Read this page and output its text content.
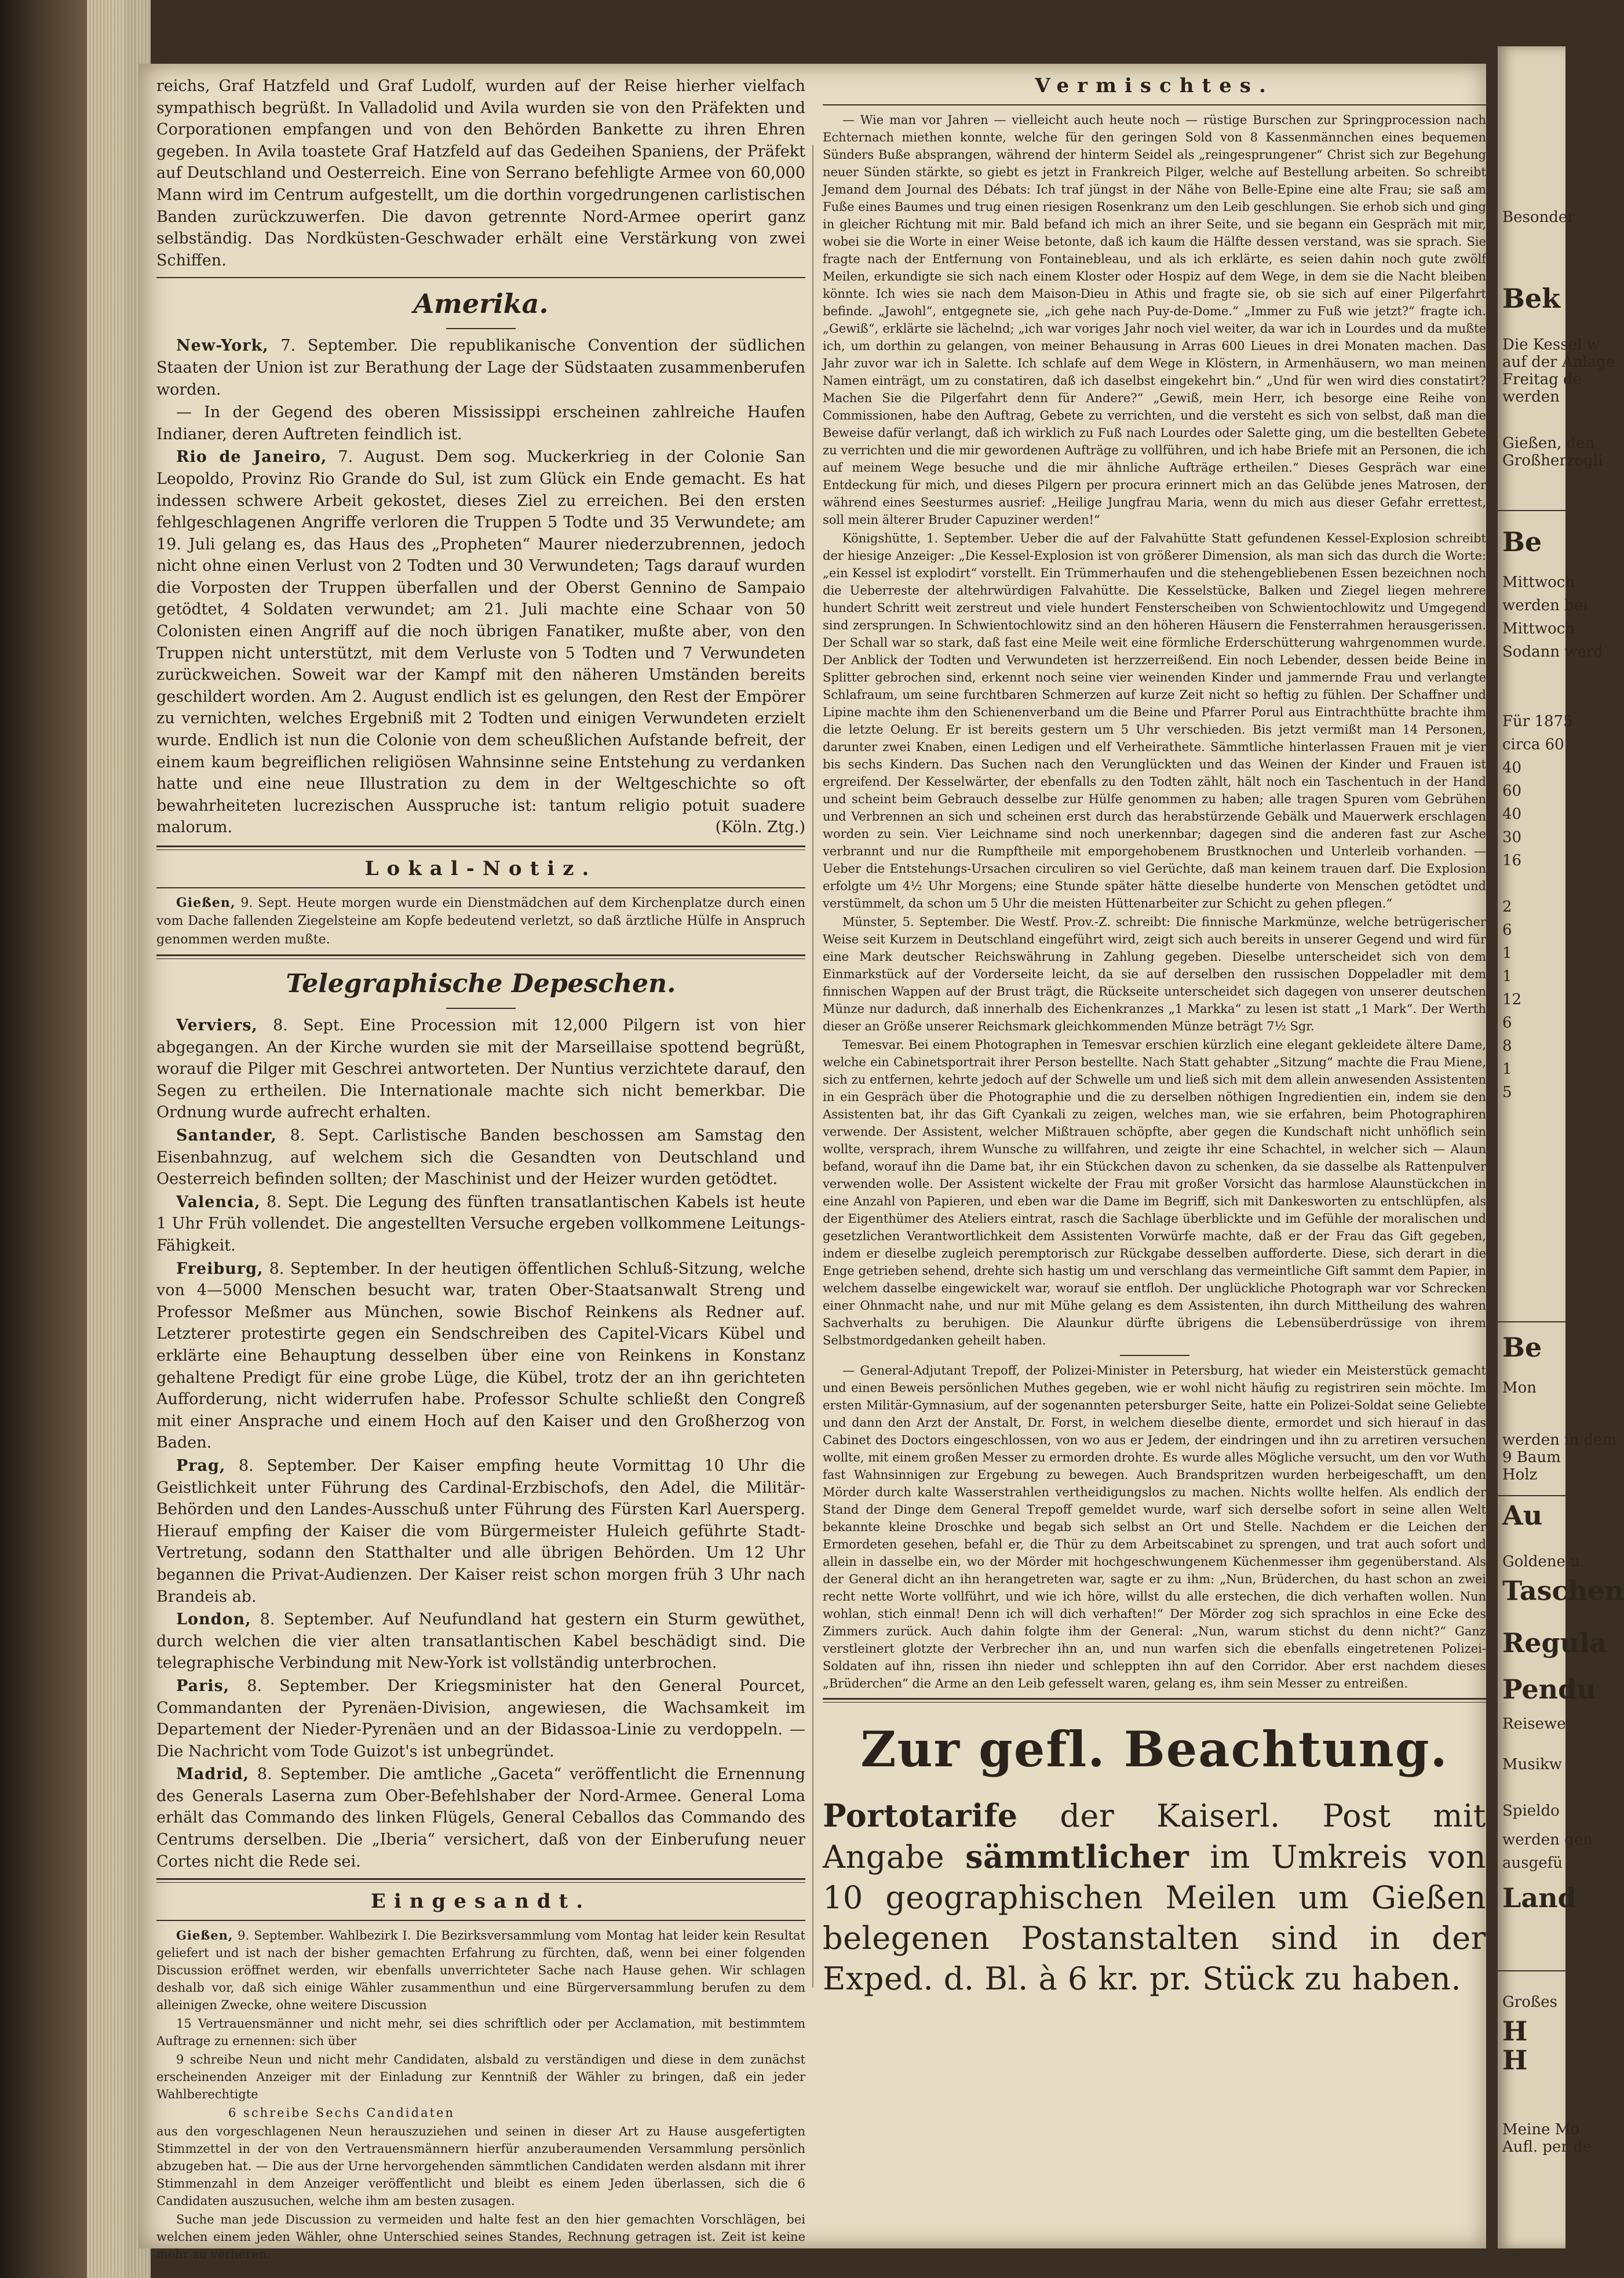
reichs, Graf Hatzfeld und Graf Ludolf, wurden auf der Reise hierher vielfach sympathisch begrüßt. In Valladolid und Avila wurden sie von den Präfekten und Corporationen empfangen und von den Behörden Bankette zu ihren Ehren gegeben. In Avila toastete Graf Hatzfeld auf das Gedeihen Spaniens, der Präfekt auf Deutschland und Oesterreich. Eine von Serrano befehligte Armee von 60,000 Mann wird im Centrum aufgestellt, um die dorthin vorgedrungenen carlistischen Banden zurückzuwerfen. Die davon getrennte Nord-Armee operirt ganz selbständig. Das Nordküsten-Geschwader erhält eine Verstärkung von zwei Schiffen.

Amerika.

New-York, 7. September. Die republikanische Convention der südlichen Staaten der Union ist zur Berathung der Lage der Südstaaten zusammenberufen worden.

— In der Gegend des oberen Mississippi erscheinen zahlreiche Haufen Indianer, deren Auftreten feindlich ist.

Rio de Janeiro, 7. August. Dem sog. Muckerkrieg in der Colonie San Leopoldo, Provinz Rio Grande do Sul, ist zum Glück ein Ende gemacht. Es hat indessen schwere Arbeit gekostet, dieses Ziel zu erreichen. Bei den ersten fehlgeschlagenen Angriffe verloren die Truppen 5 Todte und 35 Verwundete; am 19. Juli gelang es, das Haus des „Propheten“ Maurer niederzubrennen, jedoch nicht ohne einen Verlust von 2 Todten und 30 Verwundeten; Tags darauf wurden die Vorposten der Truppen überfallen und der Oberst Gennino de Sampaio getödtet, 4 Soldaten verwundet; am 21. Juli machte eine Schaar von 50 Colonisten einen Angriff auf die noch übrigen Fanatiker, mußte aber, von den Truppen nicht unterstützt, mit dem Verluste von 5 Todten und 7 Verwundeten zurückweichen. Soweit war der Kampf mit den näheren Umständen bereits geschildert worden. Am 2. August endlich ist es gelungen, den Rest der Empörer zu vernichten, welches Ergebniß mit 2 Todten und einigen Verwundeten erzielt wurde. Endlich ist nun die Colonie von dem scheußlichen Aufstande befreit, der einem kaum begreiflichen religiösen Wahnsinne seine Entstehung zu verdanken hatte und eine neue Illustration zu dem in der Weltgeschichte so oft bewahrheiteten lucrezischen Ausspruche ist: tantum religio potuit suadere malorum.	(Köln. Ztg.)

Lokal-Notiz.

Gießen, 9. Sept. Heute morgen wurde ein Dienstmädchen auf dem Kirchenplatze durch einen vom Dache fallenden Ziegelsteine am Kopfe bedeutend verletzt, so daß ärztliche Hülfe in Anspruch genommen werden mußte.

Telegraphische Depeschen.

Verviers, 8. Sept. Eine Procession mit 12,000 Pilgern ist von hier abgegangen. An der Kirche wurden sie mit der Marseillaise spottend begrüßt, worauf die Pilger mit Geschrei antworteten. Der Nuntius verzichtete darauf, den Segen zu ertheilen. Die Internationale machte sich nicht bemerkbar. Die Ordnung wurde aufrecht erhalten.

Santander, 8. Sept. Carlistische Banden beschossen am Samstag den Eisenbahnzug, auf welchem sich die Gesandten von Deutschland und Oesterreich befinden sollten; der Maschinist und der Heizer wurden getödtet.

Valencia, 8. Sept. Die Legung des fünften transatlantischen Kabels ist heute 1 Uhr Früh vollendet. Die angestellten Versuche ergeben vollkommene Leitungs-Fähigkeit.

Freiburg, 8. September. In der heutigen öffentlichen Schluß-Sitzung, welche von 4—5000 Menschen besucht war, traten Ober-Staatsanwalt Streng und Professor Meßmer aus München, sowie Bischof Reinkens als Redner auf. Letzterer protestirte gegen ein Sendschreiben des Capitel-Vicars Kübel und erklärte eine Behauptung desselben über eine von Reinkens in Konstanz gehaltene Predigt für eine grobe Lüge, die Kübel, trotz der an ihn gerichteten Aufforderung, nicht widerrufen habe. Professor Schulte schließt den Congreß mit einer Ansprache und einem Hoch auf den Kaiser und den Großherzog von Baden.

Prag, 8. September. Der Kaiser empfing heute Vormittag 10 Uhr die Geistlichkeit unter Führung des Cardinal-Erzbischofs, den Adel, die Militär-Behörden und den Landes-Ausschuß unter Führung des Fürsten Karl Auersperg. Hierauf empfing der Kaiser die vom Bürgermeister Huleich geführte Stadt-Vertretung, sodann den Statthalter und alle übrigen Behörden. Um 12 Uhr begannen die Privat-Audienzen. Der Kaiser reist schon morgen früh 3 Uhr nach Brandeis ab.

London, 8. September. Auf Neufundland hat gestern ein Sturm gewüthet, durch welchen die vier alten transatlantischen Kabel beschädigt sind. Die telegraphische Verbindung mit New-York ist vollständig unterbrochen.

Paris, 8. September. Der Kriegsminister hat den General Pourcet, Commandanten der Pyrenäen-Division, angewiesen, die Wachsamkeit im Departement der Nieder-Pyrenäen und an der Bidassoa-Linie zu verdoppeln. — Die Nachricht vom Tode Guizot's ist unbegründet.

Madrid, 8. September. Die amtliche „Gaceta“ veröffentlicht die Ernennung des Generals Laserna zum Ober-Befehlshaber der Nord-Armee. General Loma erhält das Commando des linken Flügels, General Ceballos das Commando des Centrums derselben. Die „Iberia“ versichert, daß von der Einberufung neuer Cortes nicht die Rede sei.

Eingesandt.

Gießen, 9. September. Wahlbezirk I. Die Bezirksversammlung vom Montag hat leider kein Resultat geliefert und ist nach der bisher gemachten Erfahrung zu fürchten, daß, wenn bei einer folgenden Discussion eröffnet werden, wir ebenfalls unverrichteter Sache nach Hause gehen. Wir schlagen deshalb vor, daß sich einige Wähler zusammenthun und eine Bürgerversammlung berufen zu dem alleinigen Zwecke, ohne weitere Discussion

15 Vertrauensmänner und nicht mehr, sei dies schriftlich oder per Acclamation, mit bestimmtem Auftrage zu ernennen: sich über

9 schreibe Neun und nicht mehr Candidaten, alsbald zu verständigen und diese in dem zunächst erscheinenden Anzeiger mit der Einladung zur Kenntniß der Wähler zu bringen, daß ein jeder Wahlberechtigte

6 schreibe Sechs Candidaten

aus den vorgeschlagenen Neun herauszuziehen und seinen in dieser Art zu Hause ausgefertigten Stimmzettel in der von den Vertrauensmännern hierfür anzuberaumenden Versammlung persönlich abzugeben hat. — Die aus der Urne hervorgehenden sämmtlichen Candidaten werden alsdann mit ihrer Stimmenzahl in dem Anzeiger veröffentlicht und bleibt es einem Jeden überlassen, sich die 6 Candidaten auszusuchen, welche ihm am besten zusagen.

Suche man jede Discussion zu vermeiden und halte fest an den hier gemachten Vorschlägen, bei welchen einem jeden Wähler, ohne Unterschied seines Standes, Rechnung getragen ist. Zeit ist keine mehr zu verlieren.

Vermischtes.

— Wie man vor Jahren — vielleicht auch heute noch — rüstige Burschen zur Springprocession nach Echternach miethen konnte, welche für den geringen Sold von 8 Kassenmännchen eines bequemen Sünders Buße absprangen, während der hinterm Seidel als „reingesprungener“ Christ sich zur Begehung neuer Sünden stärkte, so giebt es jetzt in Frankreich Pilger, welche auf Bestellung arbeiten. So schreibt Jemand dem Journal des Débats: Ich traf jüngst in der Nähe von Belle-Epine eine alte Frau; sie saß am Fuße eines Baumes und trug einen riesigen Rosenkranz um den Leib geschlungen. Sie erhob sich und ging in gleicher Richtung mit mir. Bald befand ich mich an ihrer Seite, und sie begann ein Gespräch mit mir, wobei sie die Worte in einer Weise betonte, daß ich kaum die Hälfte dessen verstand, was sie sprach. Sie fragte nach der Entfernung von Fontainebleau, und als ich erklärte, es seien dahin noch gute zwölf Meilen, erkundigte sie sich nach einem Kloster oder Hospiz auf dem Wege, in dem sie die Nacht bleiben könnte. Ich wies sie nach dem Maison-Dieu in Athis und fragte sie, ob sie sich auf einer Pilgerfahrt befinde. „Jawohl“, entgegnete sie, „ich gehe nach Puy-de-Dome.“ „Immer zu Fuß wie jetzt?“ fragte ich. „Gewiß“, erklärte sie lächelnd; „ich war voriges Jahr noch viel weiter, da war ich in Lourdes und da mußte ich, um dorthin zu gelangen, von meiner Behausung in Arras 600 Lieues in drei Monaten machen. Das Jahr zuvor war ich in Salette. Ich schlafe auf dem Wege in Klöstern, in Armenhäusern, wo man meinen Namen einträgt, um zu constatiren, daß ich daselbst eingekehrt bin.“ „Und für wen wird dies constatirt? Machen Sie die Pilgerfahrt denn für Andere?“ „Gewiß, mein Herr, ich besorge eine Reihe von Commissionen, habe den Auftrag, Gebete zu verrichten, und die versteht es sich von selbst, daß man die Beweise dafür verlangt, daß ich wirklich zu Fuß nach Lourdes oder Salette ging, um die bestellten Gebete zu verrichten und die mir gewordenen Aufträge zu vollführen, und ich habe Briefe mit an Personen, die ich auf meinem Wege besuche und die mir ähnliche Aufträge ertheilen.“ Dieses Gespräch war eine Entdeckung für mich, und dieses Pilgern per procura erinnert mich an das Gelübde jenes Matrosen, der während eines Seesturmes ausrief: „Heilige Jungfrau Maria, wenn du mich aus dieser Gefahr errettest, soll mein älterer Bruder Capuziner werden!“

Königshütte, 1. September. Ueber die auf der Falvahütte Statt gefundenen Kessel-Explosion schreibt der hiesige Anzeiger: „Die Kessel-Explosion ist von größerer Dimension, als man sich das durch die Worte: „ein Kessel ist explodirt“ vorstellt. Ein Trümmerhaufen und die stehengebliebenen Essen bezeichnen noch die Ueberreste der altehrwürdigen Falvahütte. Die Kesselstücke, Balken und Ziegel liegen mehrere hundert Schritt weit zerstreut und viele hundert Fensterscheiben von Schwientochlowitz und Umgegend sind zersprungen. In Schwientochlowitz sind an den höheren Häusern die Fensterrahmen herausgerissen. Der Schall war so stark, daß fast eine Meile weit eine förmliche Erderschütterung wahrgenommen wurde. Der Anblick der Todten und Verwundeten ist herzzerreißend. Ein noch Lebender, dessen beide Beine in Splitter gebrochen sind, erkennt noch seine vier weinenden Kinder und jammernde Frau und verlangte Schlafraum, um seine furchtbaren Schmerzen auf kurze Zeit nicht so heftig zu fühlen. Der Schaffner und Lipine machte ihm den Schienenverband um die Beine und Pfarrer Porul aus Eintrachthütte brachte ihm die letzte Oelung. Er ist bereits gestern um 5 Uhr verschieden. Bis jetzt vermißt man 14 Personen, darunter zwei Knaben, einen Ledigen und elf Verheirathete. Sämmtliche hinterlassen Frauen mit je vier bis sechs Kindern. Das Suchen nach den Verunglückten und das Weinen der Kinder und Frauen ist ergreifend. Der Kesselwärter, der ebenfalls zu den Todten zählt, hält noch ein Taschentuch in der Hand und scheint beim Gebrauch desselbe zur Hülfe genommen zu haben; alle tragen Spuren vom Gebrühen und Verbrennen an sich und scheinen erst durch das herabstürzende Gebälk und Mauerwerk erschlagen worden zu sein. Vier Leichname sind noch unerkennbar; dagegen sind die anderen fast zur Asche verbrannt und nur die Rumpftheile mit emporgehobenem Brustknochen und Unterleib vorhanden. — Ueber die Entstehungs-Ursachen circuliren so viel Gerüchte, daß man keinem trauen darf. Die Explosion erfolgte um 4½ Uhr Morgens; eine Stunde später hätte dieselbe hunderte von Menschen getödtet und verstümmelt, da schon um 5 Uhr die meisten Hüttenarbeiter zur Schicht zu gehen pflegen.“

Münster, 5. September. Die Westf. Prov.-Z. schreibt: Die finnische Markmünze, welche betrügerischer Weise seit Kurzem in Deutschland eingeführt wird, zeigt sich auch bereits in unserer Gegend und wird für eine Mark deutscher Reichswährung in Zahlung gegeben. Dieselbe unterscheidet sich von dem Einmarkstück auf der Vorderseite leicht, da sie auf derselben den russischen Doppeladler mit dem finnischen Wappen auf der Brust trägt, die Rückseite unterscheidet sich dagegen von unserer deutschen Münze nur dadurch, daß innerhalb des Eichenkranzes „1 Markka“ zu lesen ist statt „1 Mark“. Der Werth dieser an Größe unserer Reichsmark gleichkommenden Münze beträgt 7½ Sgr.

Temesvar. Bei einem Photographen in Temesvar erschien kürzlich eine elegant gekleidete ältere Dame, welche ein Cabinetsportrait ihrer Person bestellte. Nach Statt gehabter „Sitzung“ machte die Frau Miene, sich zu entfernen, kehrte jedoch auf der Schwelle um und ließ sich mit dem allein anwesenden Assistenten in ein Gespräch über die Photographie und die zu derselben nöthigen Ingredientien ein, indem sie den Assistenten bat, ihr das Gift Cyankali zu zeigen, welches man, wie sie erfahren, beim Photographiren verwende. Der Assistent, welcher Mißtrauen schöpfte, aber gegen die Kundschaft nicht unhöflich sein wollte, versprach, ihrem Wunsche zu willfahren, und zeigte ihr eine Schachtel, in welcher sich — Alaun befand, worauf ihn die Dame bat, ihr ein Stückchen davon zu schenken, da sie dasselbe als Rattenpulver verwenden wolle. Der Assistent wickelte der Frau mit großer Vorsicht das harmlose Alaunstückchen in eine Anzahl von Papieren, und eben war die Dame im Begriff, sich mit Dankesworten zu entschlüpfen, als der Eigenthümer des Ateliers eintrat, rasch die Sachlage überblickte und im Gefühle der moralischen und gesetzlichen Verantwortlichkeit dem Assistenten Vorwürfe machte, daß er der Frau das Gift gegeben, indem er dieselbe zugleich peremptorisch zur Rückgabe desselben aufforderte. Diese, sich derart in die Enge getrieben sehend, drehte sich hastig um und verschlang das vermeintliche Gift sammt dem Papier, in welchem dasselbe eingewickelt war, worauf sie entfloh. Der unglückliche Photograph war vor Schrecken einer Ohnmacht nahe, und nur mit Mühe gelang es dem Assistenten, ihn durch Mittheilung des wahren Sachverhalts zu beruhigen. Die Alaunkur dürfte übrigens die Lebensüberdrüssige von ihrem Selbstmordgedanken geheilt haben.

— General-Adjutant Trepoff, der Polizei-Minister in Petersburg, hat wieder ein Meisterstück gemacht und einen Beweis persönlichen Muthes gegeben, wie er wohl nicht häufig zu registriren sein möchte. Im ersten Militär-Gymnasium, auf der sogenannten petersburger Seite, hatte ein Polizei-Soldat seine Geliebte und dann den Arzt der Anstalt, Dr. Forst, in welchem dieselbe diente, ermordet und sich hierauf in das Cabinet des Doctors eingeschlossen, von wo aus er Jedem, der eindringen und ihn zu arretiren versuchen wollte, mit einem großen Messer zu ermorden drohte. Es wurde alles Mögliche versucht, um den vor Wuth fast Wahnsinnigen zur Ergebung zu bewegen. Auch Brandspritzen wurden herbeigeschafft, um den Mörder durch kalte Wasserstrahlen vertheidigungslos zu machen. Nichts wollte helfen. Als endlich der Stand der Dinge dem General Trepoff gemeldet wurde, warf sich derselbe sofort in seine allen Welt bekannte kleine Droschke und begab sich selbst an Ort und Stelle. Nachdem er die Leichen der Ermordeten gesehen, befahl er, die Thür zu dem Arbeitscabinet zu sprengen, und trat auch sofort und allein in dasselbe ein, wo der Mörder mit hochgeschwungenem Küchenmesser ihm gegenüberstand. Als der General dicht an ihn herangetreten war, sagte er zu ihm: „Nun, Brüderchen, du hast schon an zwei recht nette Worte vollführt, und wie ich höre, willst du alle erstechen, die dich verhaften wollen. Nun wohlan, stich einmal! Denn ich will dich verhaften!“ Der Mörder zog sich sprachlos in eine Ecke des Zimmers zurück. Auch dahin folgte ihm der General: „Nun, warum stichst du denn nicht?“ Ganz verstleinert glotzte der Verbrecher ihn an, und nun warfen sich die ebenfalls eingetretenen Polizei-Soldaten auf ihn, rissen ihn nieder und schleppten ihn auf den Corridor. Aber erst nachdem dieses „Brüderchen“ die Arme an den Leib gefesselt waren, gelang es, ihm sein Messer zu entreißen.

Zur gefl. Beachtung.
Portotarife der Kaiserl. Post mit Angabe sämmtlicher im Umkreis von 10 geographischen Meilen um Gießen belegenen Postanstalten sind in der Exped. d. Bl. à 6 kr. pr. Stück zu haben.
Besonder
Bek
Die Kessel w
auf der Anlage
Freitag de
werden
Gießen, den
Großherzogli
Be
Mittwoch
werden bei
Mittwoch
Sodann werd
Für 1875
circa 60
40
60
40
30
16
2
6
1
1
12
6
8
1
5
Be
Mon
werden in dem
9 Baum
Holz
Au
Goldene u.
Taschen
Regula
Pendu
Reisewe
Musikw
Spieldo
werden gen
ausgefü
Land
Großes
H
H
Meine Mo
Aufl. per de
